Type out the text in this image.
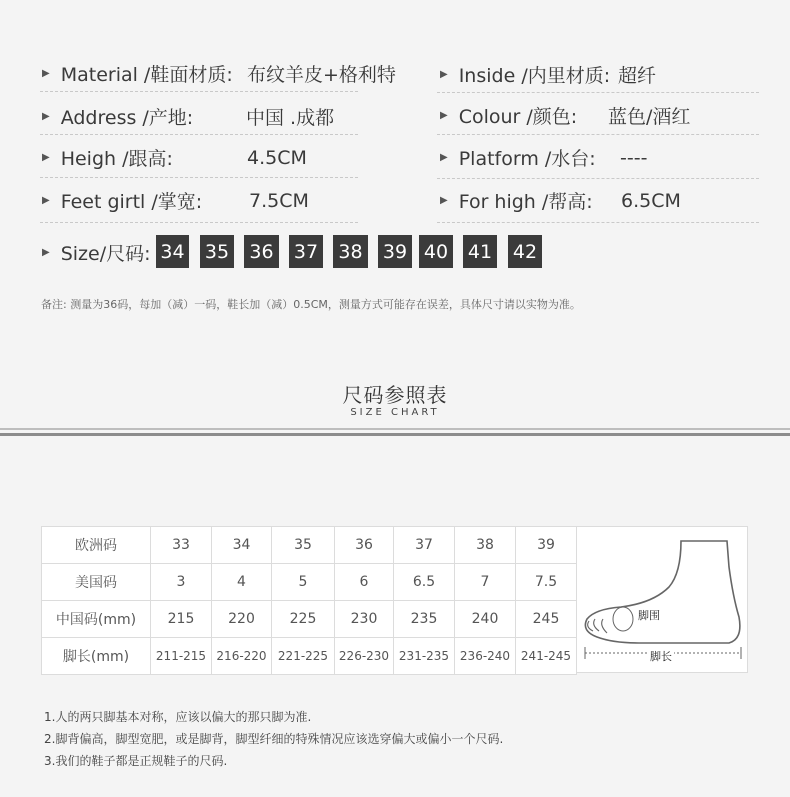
▶ Material /鞋面材质: 布纹羊皮+格利特
▶ Address /产地:	中国 .成都
▶ Heigh /跟高:	4.5CM
▶ Feet girtl /掌宽: 7.5CM
▶ Inside /内里材质: 超纤
▶ Colour /颜色: 蓝色/酒红
▶ Platform /水台: ----
▶ For high /帮高: 6.5CM
▶ Size/尺码: 34 35 36 37 38 39 40 41 42
备注: 测量为36码，每加（减）一码，鞋长加（减）0.5CM，测量方式可能存在误差，具体尺寸请以实物为准。
尺码参照表
SIZE CHART
欧洲码	33	34	35	36	37	38	39
美国码	3	4	5	6	6.5	7	7.5
中国码(mm)	215	220	225	230	235	240	245
脚长(mm)	211-215	216-220	221-225	226-230	231-235	236-240	241-245
脚围
脚长
1.人的两只脚基本对称，应该以偏大的那只脚为准.
2.脚背偏高，脚型宽肥，或是脚背，脚型纤细的特殊情况应该选穿偏大或偏小一个尺码.
3.我们的鞋子都是正规鞋子的尺码.
